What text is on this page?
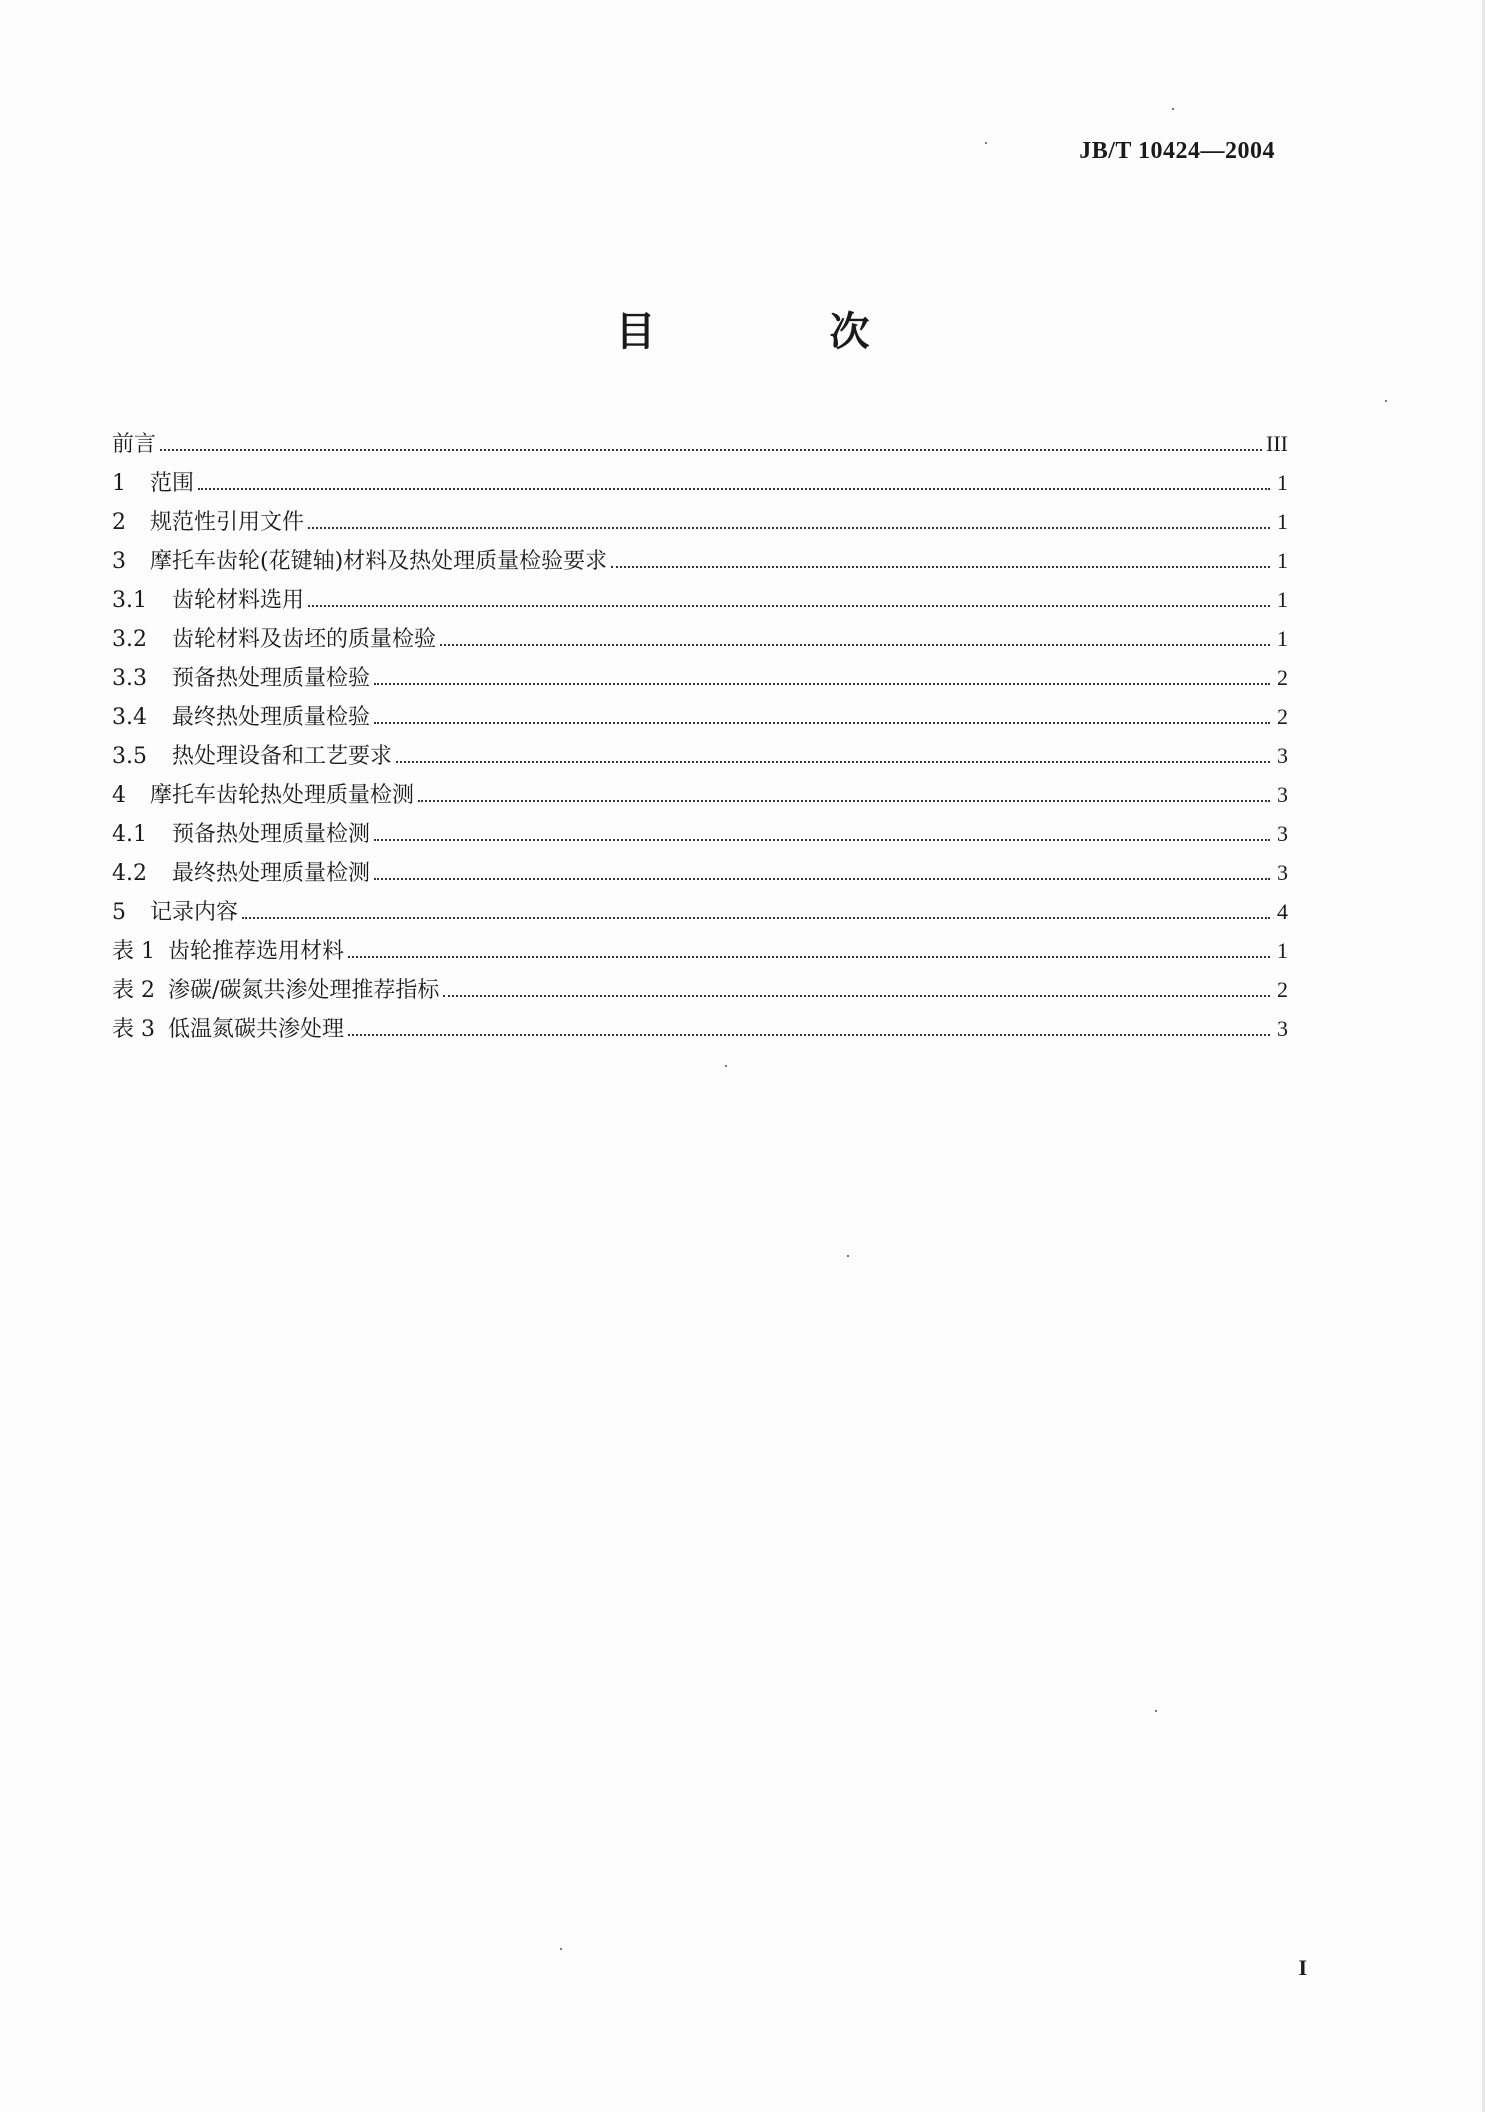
JB/T 10424—2004
目 次
前言	III
1	范围	1
2	规范性引用文件	1
3	摩托车齿轮(花键轴)材料及热处理质量检验要求	1
3.1	齿轮材料选用	1
3.2	齿轮材料及齿坯的质量检验	1
3.3	预备热处理质量检验	2
3.4	最终热处理质量检验	2
3.5	热处理设备和工艺要求	3
4	摩托车齿轮热处理质量检测	3
4.1	预备热处理质量检测	3
4.2	最终热处理质量检测	3
5	记录内容	4
表 1 齿轮推荐选用材料	1
表 2 渗碳/碳氮共渗处理推荐指标	2
表 3 低温氮碳共渗处理	3
I
